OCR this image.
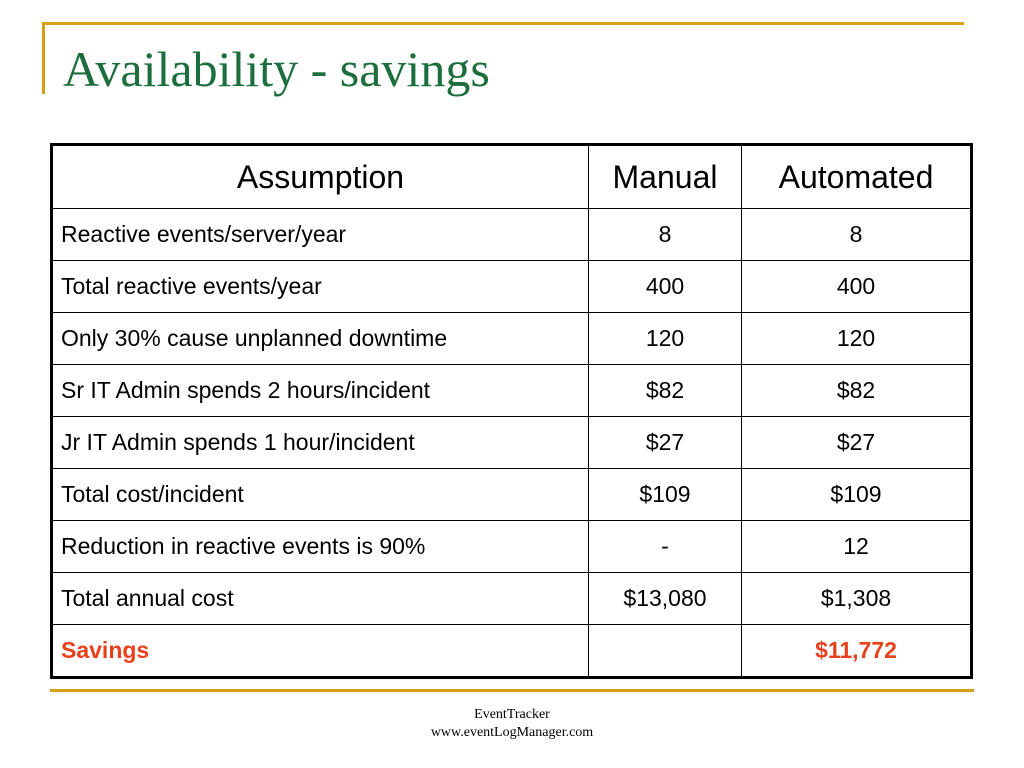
Availability - savings
Assumption	Manual	Automated
Reactive events/server/year	8	8
Total reactive events/year	400	400
Only 30% cause unplanned downtime	120	120
Sr IT Admin spends 2 hours/incident	$82	$82
Jr IT Admin spends 1 hour/incident	$27	$27
Total cost/incident	$109	$109
Reduction in reactive events is 90%	-	12
Total annual cost	$13,080	$1,308
Savings		$11,772
EventTracker
www.eventLogManager.com
